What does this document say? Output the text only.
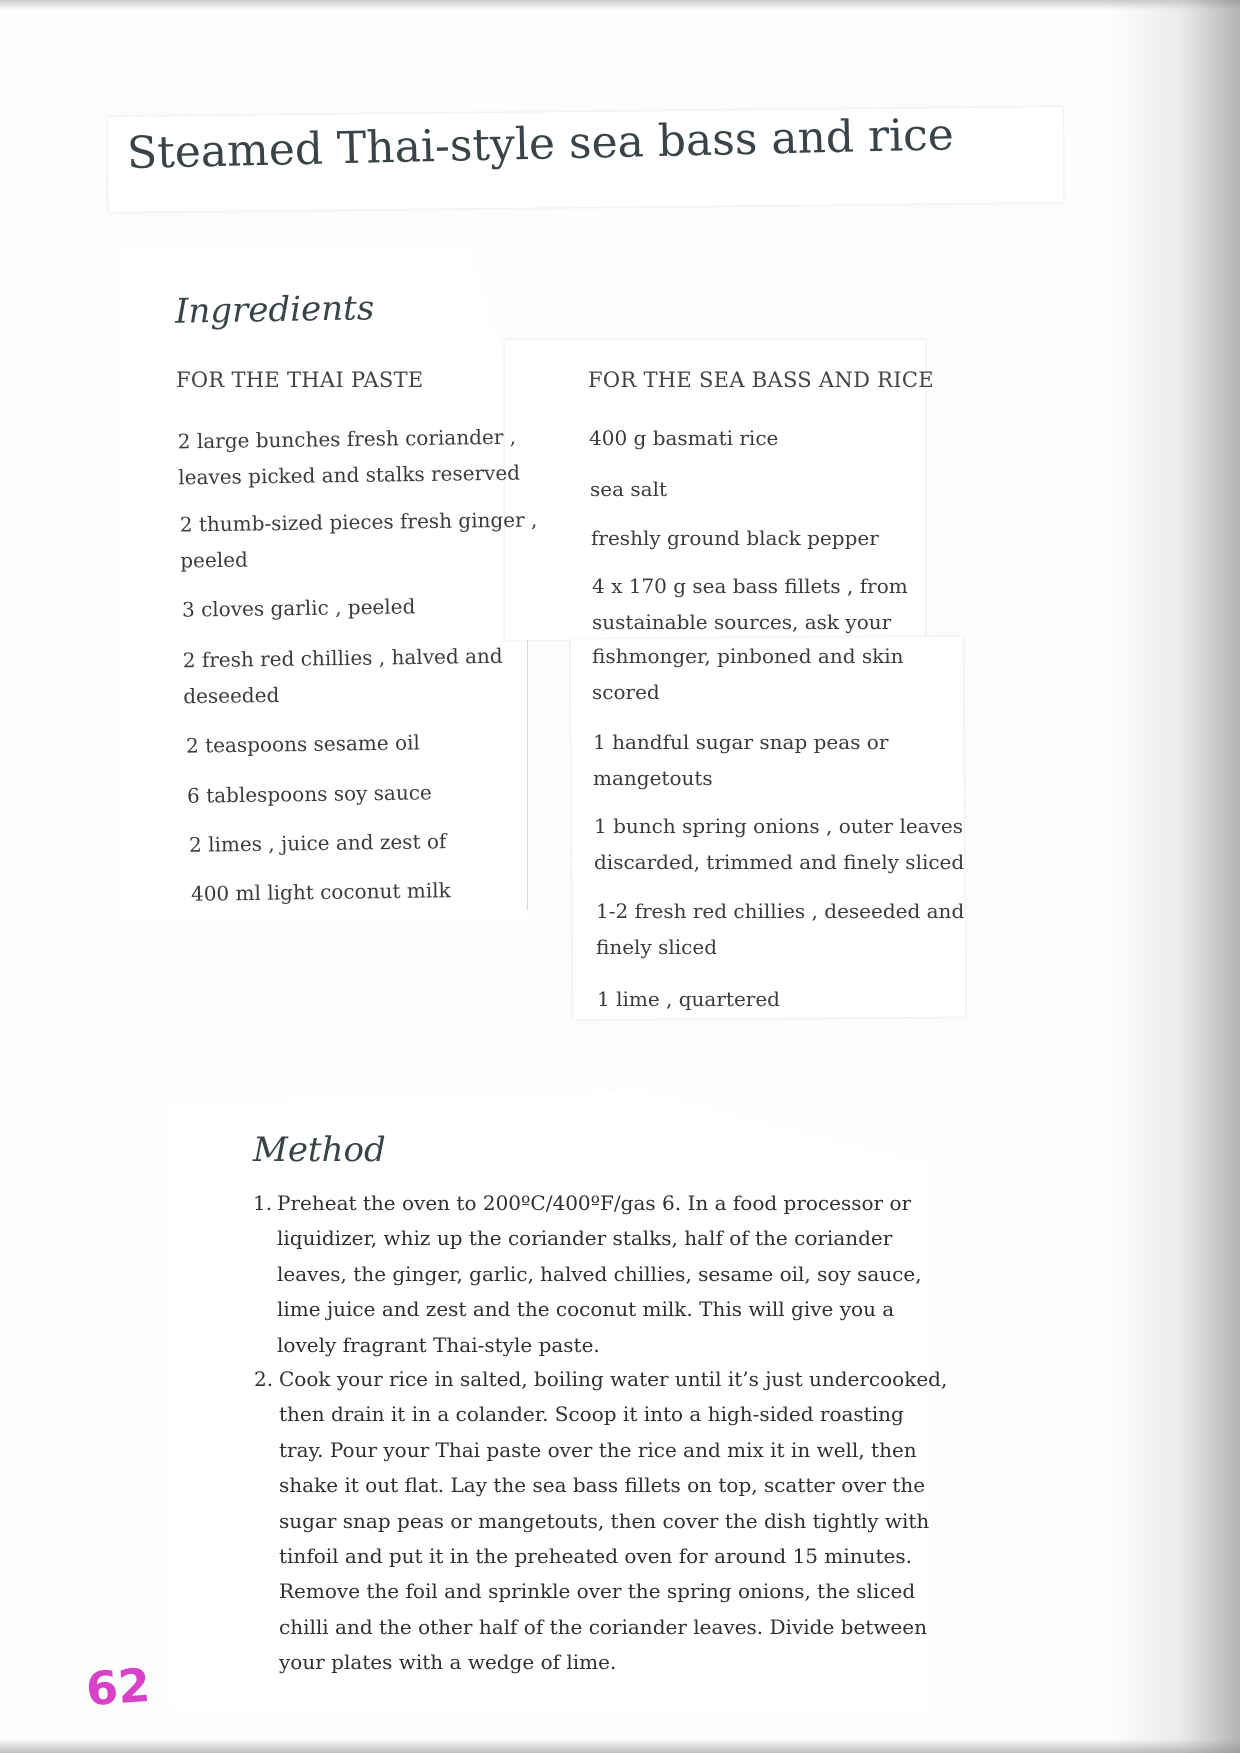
Steamed Thai-style sea bass and rice
Ingredients
FOR THE THAI PASTE	FOR THE SEA BASS AND RICE
2 large bunches fresh coriander ,
leaves picked and stalks reserved
2 thumb-sized pieces fresh ginger ,
peeled
3 cloves garlic , peeled
2 fresh red chillies , halved and
deseeded
2 teaspoons sesame oil
6 tablespoons soy sauce
2 limes , juice and zest of
400 ml light coconut milk
400 g basmati rice
sea salt
freshly ground black pepper
4 x 170 g sea bass fillets , from
sustainable sources, ask your
fishmonger, pinboned and skin
scored
1 handful sugar snap peas or
mangetouts
1 bunch spring onions , outer leaves
discarded, trimmed and finely sliced
1-2 fresh red chillies , deseeded and
finely sliced
1 lime , quartered
Method
1. Preheat the oven to 200ºC/400ºF/gas 6. In a food processor or
liquidizer, whiz up the coriander stalks, half of the coriander
leaves, the ginger, garlic, halved chillies, sesame oil, soy sauce,
lime juice and zest and the coconut milk. This will give you a
lovely fragrant Thai-style paste.
2. Cook your rice in salted, boiling water until it’s just undercooked,
then drain it in a colander. Scoop it into a high-sided roasting
tray. Pour your Thai paste over the rice and mix it in well, then
shake it out flat. Lay the sea bass fillets on top, scatter over the
sugar snap peas or mangetouts, then cover the dish tightly with
tinfoil and put it in the preheated oven for around 15 minutes.
Remove the foil and sprinkle over the spring onions, the sliced
chilli and the other half of the coriander leaves. Divide between
your plates with a wedge of lime.
62
